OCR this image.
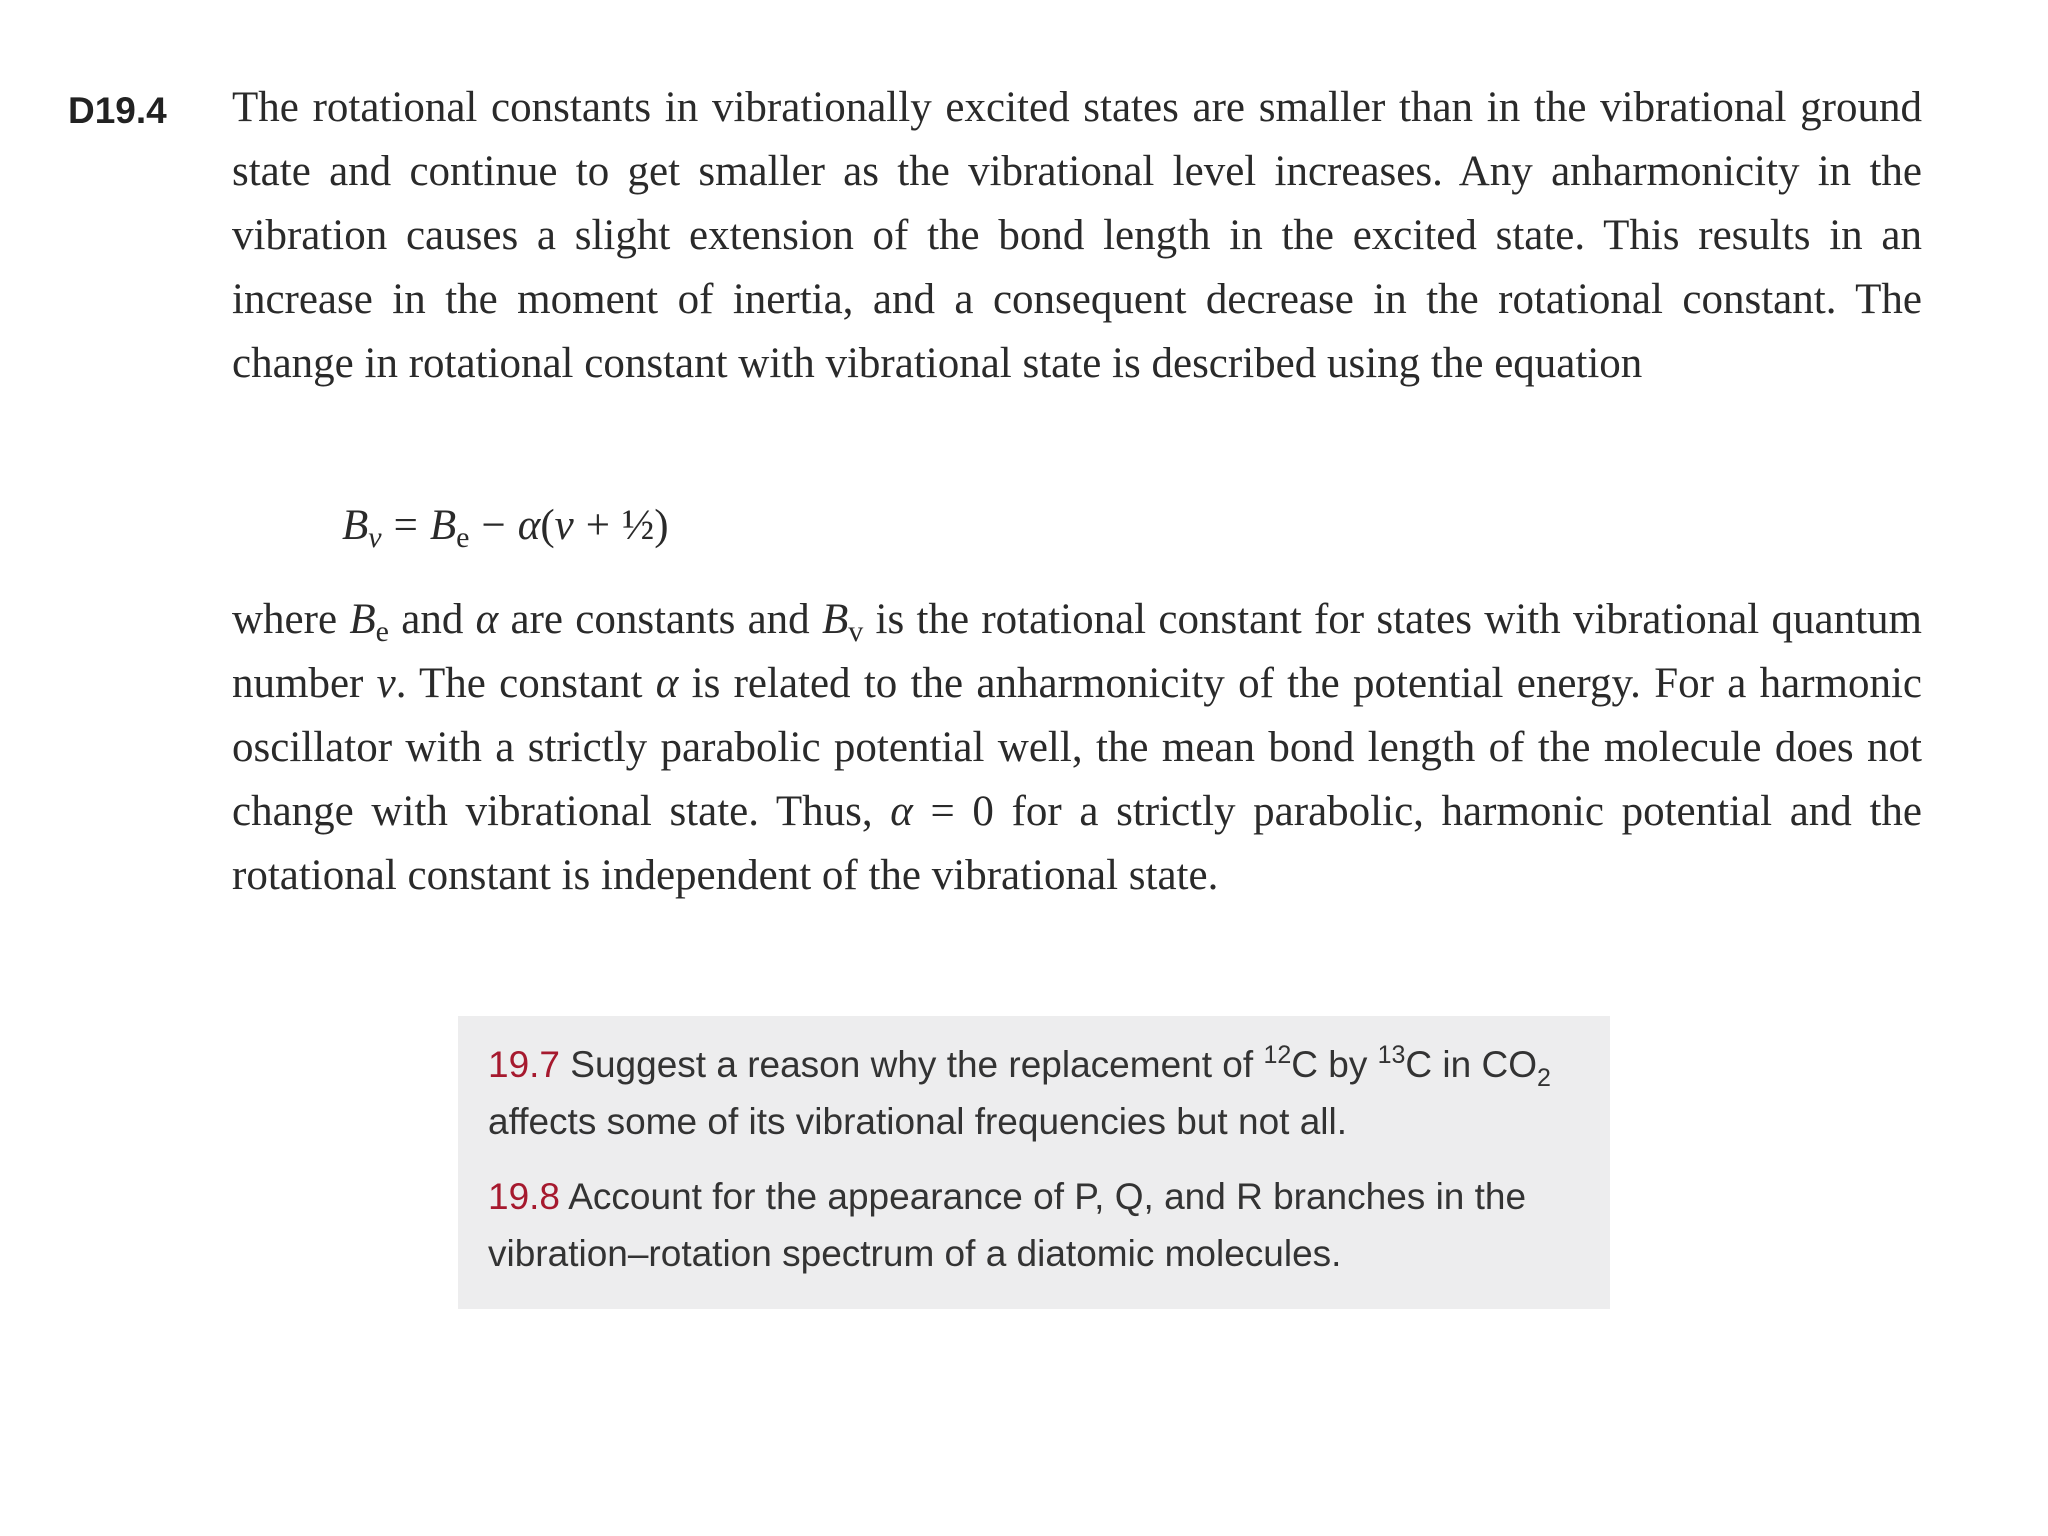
D19.4 The rotational constants in vibrationally excited states are smaller than in the vibrational ground state and continue to get smaller as the vibrational level increases. Any anharmonicity in the vibration causes a slight extension of the bond length in the excited state. This results in an increase in the moment of inertia, and a consequent decrease in the rotational constant. The change in rotational constant with vibrational state is described using the equation

$B_v = B_e - \alpha(v$ + ½)

where $B_e$ and α are constants and $B_v$ is the rotational constant for states with vibrational quantum number v. The constant α is related to the anharmonicity of the potential energy. For a harmonic oscillator with a strictly parabolic potential well, the mean bond length of the molecule does not change with vibrational state. Thus, α = 0 for a strictly parabolic, harmonic potential and the rotational constant is independent of the vibrational state.

19.7 Suggest a reason why the replacement of $^{12}$C by $^{13}$C in $CO_2$ affects some of its vibrational frequencies but not all.

19.8 Account for the appearance of P, Q, and R branches in the vibration–rotation spectrum of a diatomic molecules.
